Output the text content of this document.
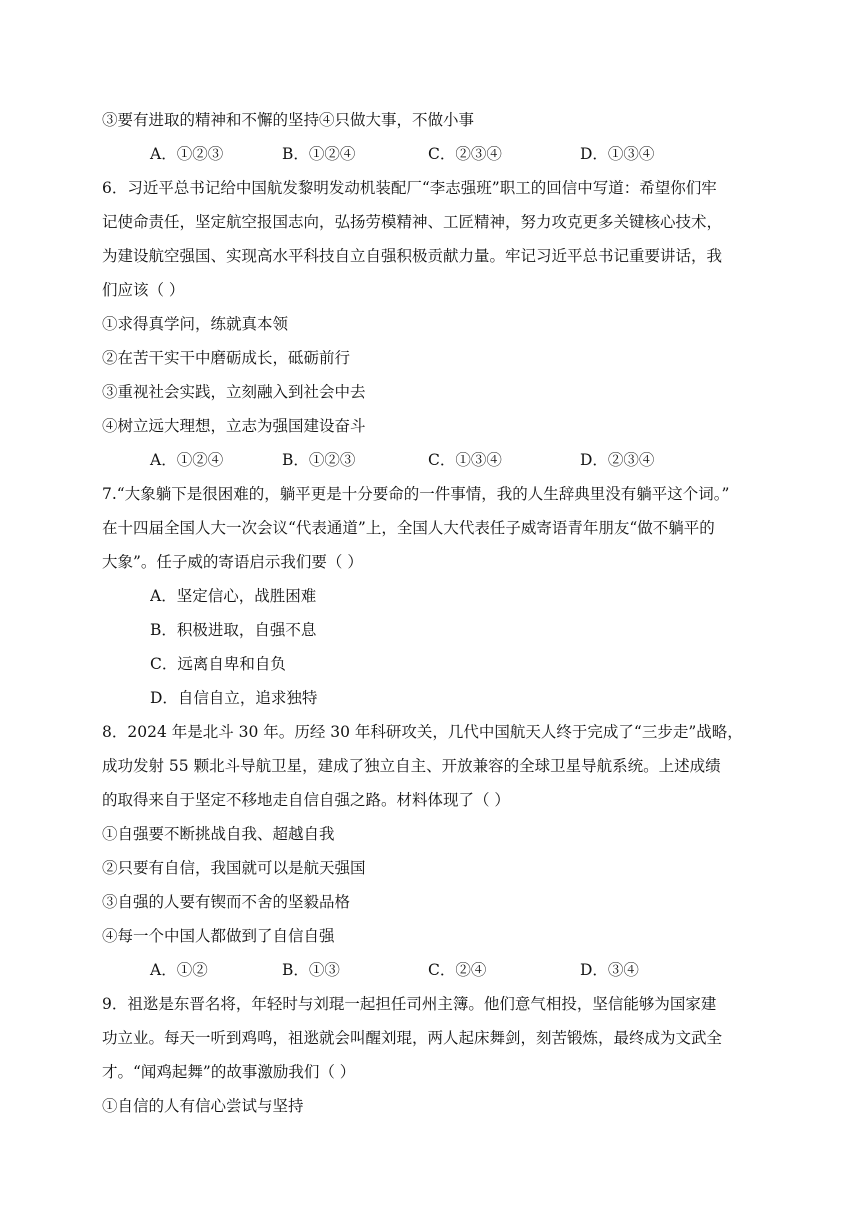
③要有进取的精神和不懈的坚持④只做大事，不做小事
A．①②③	B．①②④	C．②③④	D．①③④
6．习近平总书记给中国航发黎明发动机装配厂“李志强班”职工的回信中写道：希望你们牢
记使命责任，坚定航空报国志向，弘扬劳模精神、工匠精神，努力攻克更多关键核心技术，
为建设航空强国、实现高水平科技自立自强积极贡献力量。牢记习近平总书记重要讲话，我
们应该（ ）
①求得真学问，练就真本领
②在苦干实干中磨砺成长，砥砺前行
③重视社会实践，立刻融入到社会中去
④树立远大理想，立志为强国建设奋斗
A．①②④	B．①②③	C．①③④	D．②③④
7.“大象躺下是很困难的，躺平更是十分要命的一件事情，我的人生辞典里没有躺平这个词。”
在十四届全国人大一次会议“代表通道”上，全国人大代表任子威寄语青年朋友“做不躺平的
大象”。任子威的寄语启示我们要（ ）
A．坚定信心，战胜困难
B．积极进取，自强不息
C．远离自卑和自负
D．自信自立，追求独特
8．2024 年是北斗 30 年。历经 30 年科研攻关，几代中国航天人终于完成了“三步走”战略，
成功发射 55 颗北斗导航卫星，建成了独立自主、开放兼容的全球卫星导航系统。上述成绩
的取得来自于坚定不移地走自信自强之路。材料体现了（ ）
①自强要不断挑战自我、超越自我
②只要有自信，我国就可以是航天强国
③自强的人要有锲而不舍的坚毅品格
④每一个中国人都做到了自信自强
A．①②	B．①③	C．②④	D．③④
9．祖逖是东晋名将，年轻时与刘琨一起担任司州主簿。他们意气相投，坚信能够为国家建
功立业。每天一听到鸡鸣，祖逖就会叫醒刘琨，两人起床舞剑，刻苦锻炼，最终成为文武全
才。“闻鸡起舞”的故事激励我们（ ）
①自信的人有信心尝试与坚持
